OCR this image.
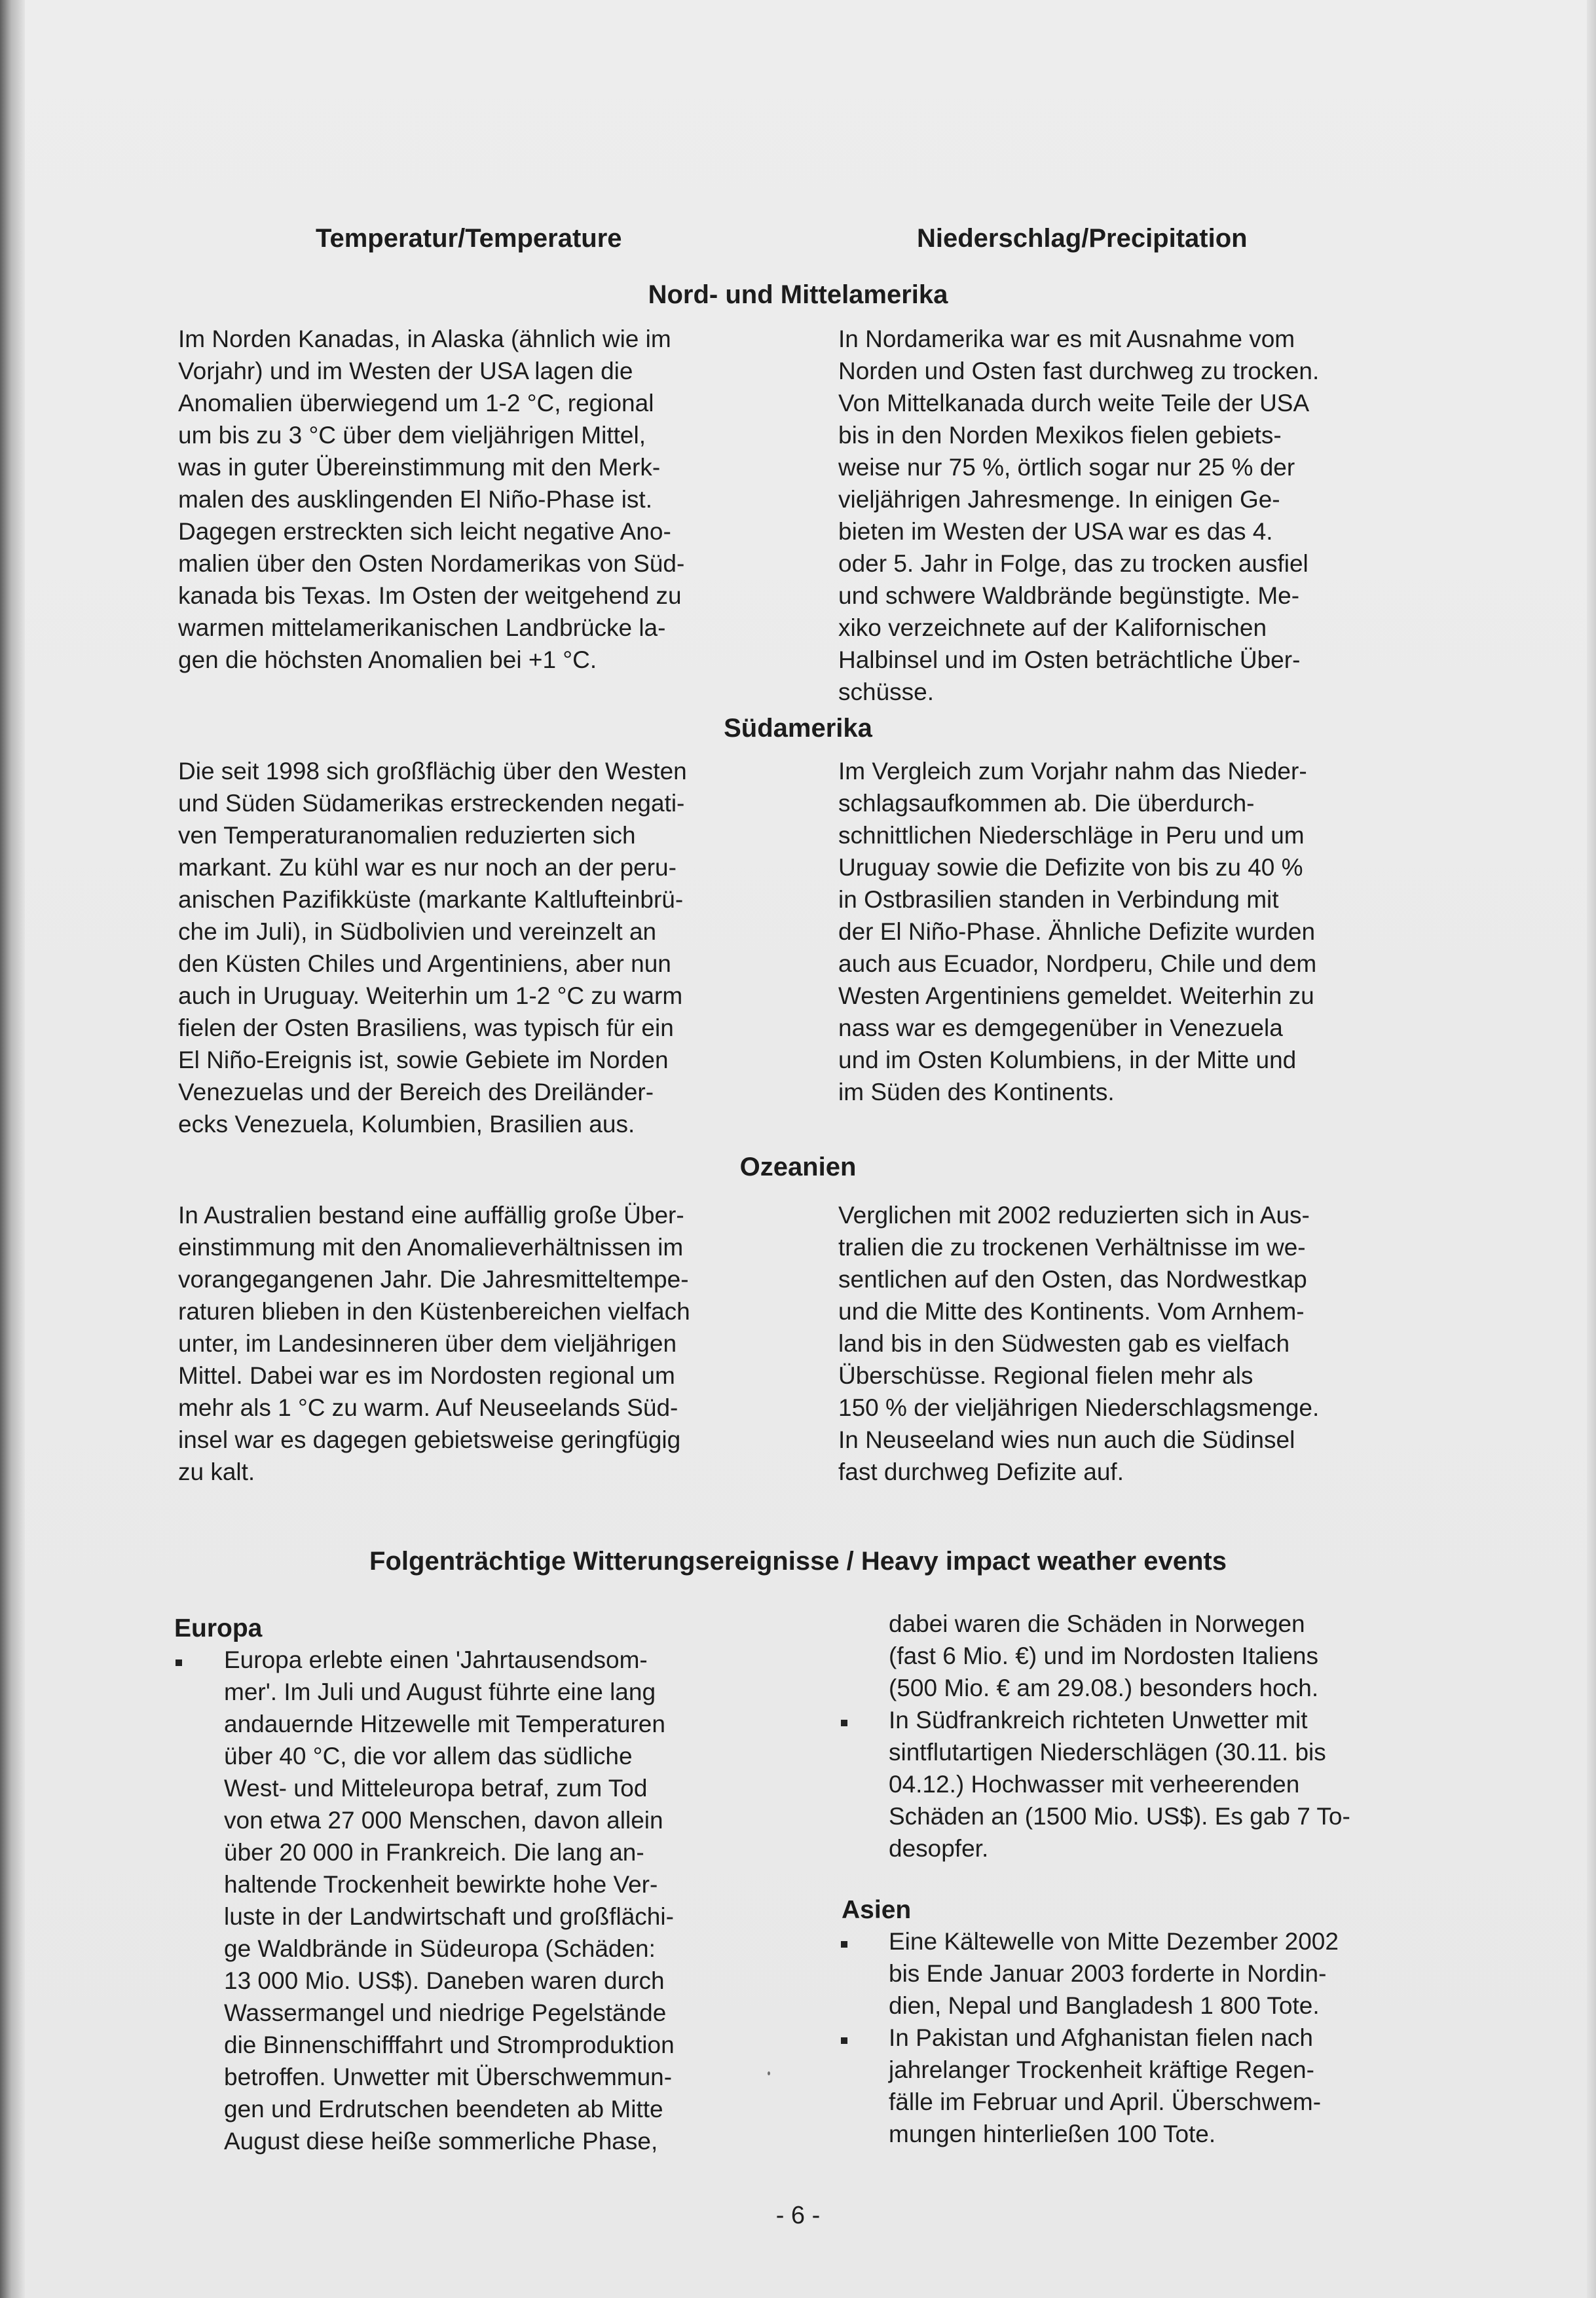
Temperatur/Temperature	Niederschlag/Precipitation
Nord- und Mittelamerika

Im Norden Kanadas, in Alaska (ähnlich wie im
Vorjahr) und im Westen der USA lagen die
Anomalien überwiegend um 1-2 °C, regional
um bis zu 3 °C über dem vieljährigen Mittel,
was in guter Übereinstimmung mit den Merk-
malen des ausklingenden El Niño-Phase ist.
Dagegen erstreckten sich leicht negative Ano-
malien über den Osten Nordamerikas von Süd-
kanada bis Texas. Im Osten der weitgehend zu
warmen mittelamerikanischen Landbrücke la-
gen die höchsten Anomalien bei +1 °C.

In Nordamerika war es mit Ausnahme vom
Norden und Osten fast durchweg zu trocken.
Von Mittelkanada durch weite Teile der USA
bis in den Norden Mexikos fielen gebiets-
weise nur 75 %, örtlich sogar nur 25 % der
vieljährigen Jahresmenge. In einigen Ge-
bieten im Westen der USA war es das 4.
oder 5. Jahr in Folge, das zu trocken ausfiel
und schwere Waldbrände begünstigte. Me-
xiko verzeichnete auf der Kalifornischen
Halbinsel und im Osten beträchtliche Über-
schüsse.

Südamerika

Die seit 1998 sich großflächig über den Westen
und Süden Südamerikas erstreckenden negati-
ven Temperaturanomalien reduzierten sich
markant. Zu kühl war es nur noch an der peru-
anischen Pazifikküste (markante Kaltlufteinbrü-
che im Juli), in Südbolivien und vereinzelt an
den Küsten Chiles und Argentiniens, aber nun
auch in Uruguay. Weiterhin um 1-2 °C zu warm
fielen der Osten Brasiliens, was typisch für ein
El Niño-Ereignis ist, sowie Gebiete im Norden
Venezuelas und der Bereich des Dreiländer-
ecks Venezuela, Kolumbien, Brasilien aus.

Im Vergleich zum Vorjahr nahm das Nieder-
schlagsaufkommen ab. Die überdurch-
schnittlichen Niederschläge in Peru und um
Uruguay sowie die Defizite von bis zu 40 %
in Ostbrasilien standen in Verbindung mit
der El Niño-Phase. Ähnliche Defizite wurden
auch aus Ecuador, Nordperu, Chile und dem
Westen Argentiniens gemeldet. Weiterhin zu
nass war es demgegenüber in Venezuela
und im Osten Kolumbiens, in der Mitte und
im Süden des Kontinents.

Ozeanien

In Australien bestand eine auffällig große Über-
einstimmung mit den Anomalieverhältnissen im
vorangegangenen Jahr. Die Jahresmitteltempe-
raturen blieben in den Küstenbereichen vielfach
unter, im Landesinneren über dem vieljährigen
Mittel. Dabei war es im Nordosten regional um
mehr als 1 °C zu warm. Auf Neuseelands Süd-
insel war es dagegen gebietsweise geringfügig
zu kalt.

Verglichen mit 2002 reduzierten sich in Aus-
tralien die zu trockenen Verhältnisse im we-
sentlichen auf den Osten, das Nordwestkap
und die Mitte des Kontinents. Vom Arnhem-
land bis in den Südwesten gab es vielfach
Überschüsse. Regional fielen mehr als
150 % der vieljährigen Niederschlagsmenge.
In Neuseeland wies nun auch die Südinsel
fast durchweg Defizite auf.

Folgenträchtige Witterungsereignisse / Heavy impact weather events
Europa

Europa erlebte einen 'Jahrtausendsom-
mer'. Im Juli und August führte eine lang
andauernde Hitzewelle mit Temperaturen
über 40 °C, die vor allem das südliche
West- und Mitteleuropa betraf, zum Tod
von etwa 27 000 Menschen, davon allein
über 20 000 in Frankreich. Die lang an-
haltende Trockenheit bewirkte hohe Ver-
luste in der Landwirtschaft und großflächi-
ge Waldbrände in Südeuropa (Schäden:
13 000 Mio. US$). Daneben waren durch
Wassermangel und niedrige Pegelstände
die Binnenschifffahrt und Stromproduktion
betroffen. Unwetter mit Überschwemmun-
gen und Erdrutschen beendeten ab Mitte
August diese heiße sommerliche Phase,

dabei waren die Schäden in Norwegen
(fast 6 Mio. €) und im Nordosten Italiens
(500 Mio. € am 29.08.) besonders hoch.

In Südfrankreich richteten Unwetter mit
sintflutartigen Niederschlägen (30.11. bis
04.12.) Hochwasser mit verheerenden
Schäden an (1500 Mio. US$). Es gab 7 To-
desopfer.

Asien

Eine Kältewelle von Mitte Dezember 2002
bis Ende Januar 2003 forderte in Nordin-
dien, Nepal und Bangladesh 1 800 Tote.

In Pakistan und Afghanistan fielen nach
jahrelanger Trockenheit kräftige Regen-
fälle im Februar und April. Überschwem-
mungen hinterließen 100 Tote.

- 6 -
